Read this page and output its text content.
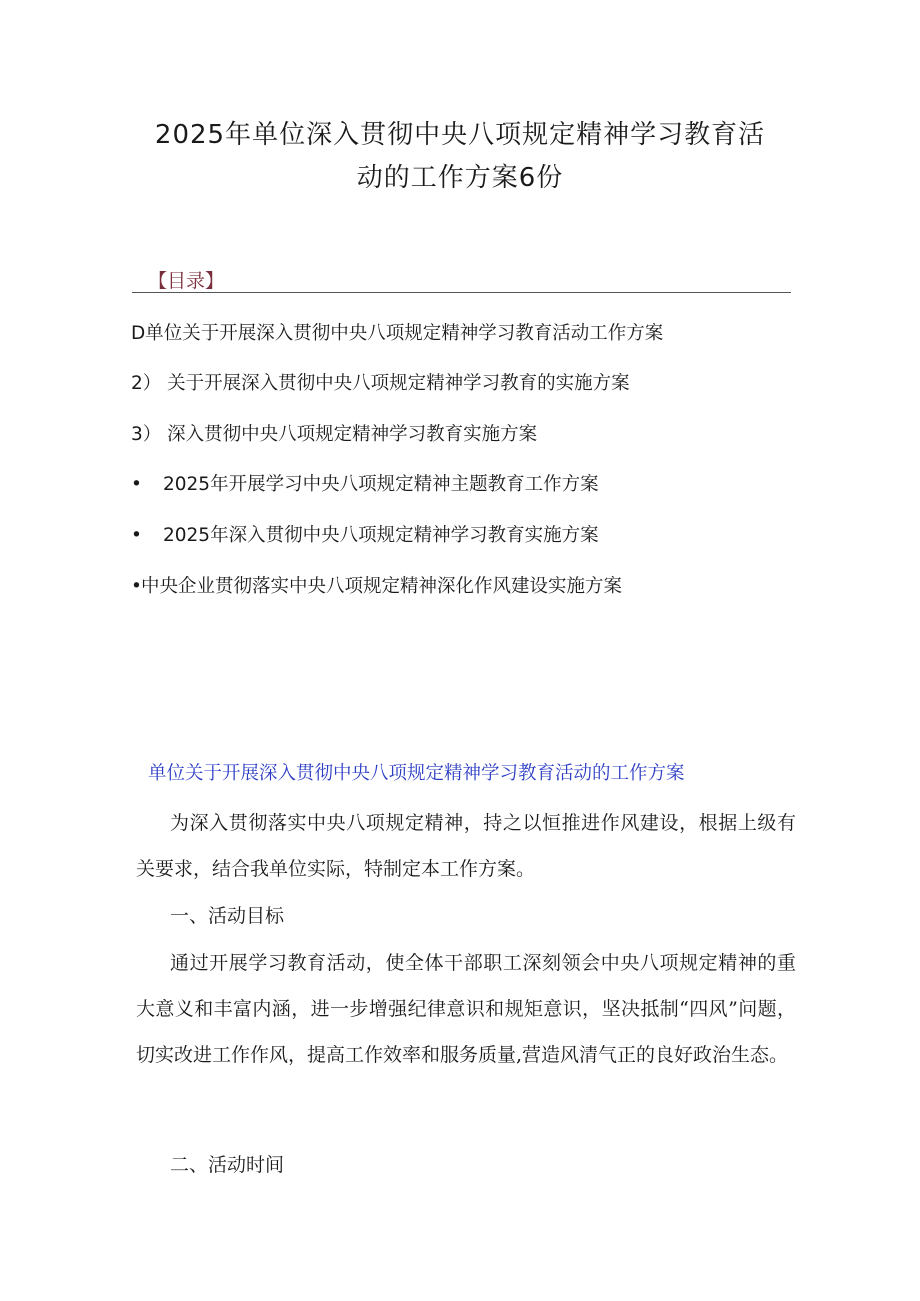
2025年单位深入贯彻中央八项规定精神学习教育活
动的工作方案6份
【目录】
D单位关于开展深入贯彻中央八项规定精神学习教育活动工作方案
2） 关于开展深入贯彻中央八项规定精神学习教育的实施方案
3） 深入贯彻中央八项规定精神学习教育实施方案
• 2025年开展学习中央八项规定精神主题教育工作方案
• 2025年深入贯彻中央八项规定精神学习教育实施方案
•中央企业贯彻落实中央八项规定精神深化作风建设实施方案
单位关于开展深入贯彻中央八项规定精神学习教育活动的工作方案
为深入贯彻落实中央八项规定精神，持之以恒推进作风建设，根据上级有关要求，结合我单位实际，特制定本工作方案。
一、活动目标
通过开展学习教育活动，使全体干部职工深刻领会中央八项规定精神的重大意义和丰富内涵，进一步增强纪律意识和规矩意识，坚决抵制“四风”问题，切实改进工作作风，提高工作效率和服务质量,营造风清气正的良好政治生态。
二、活动时间
